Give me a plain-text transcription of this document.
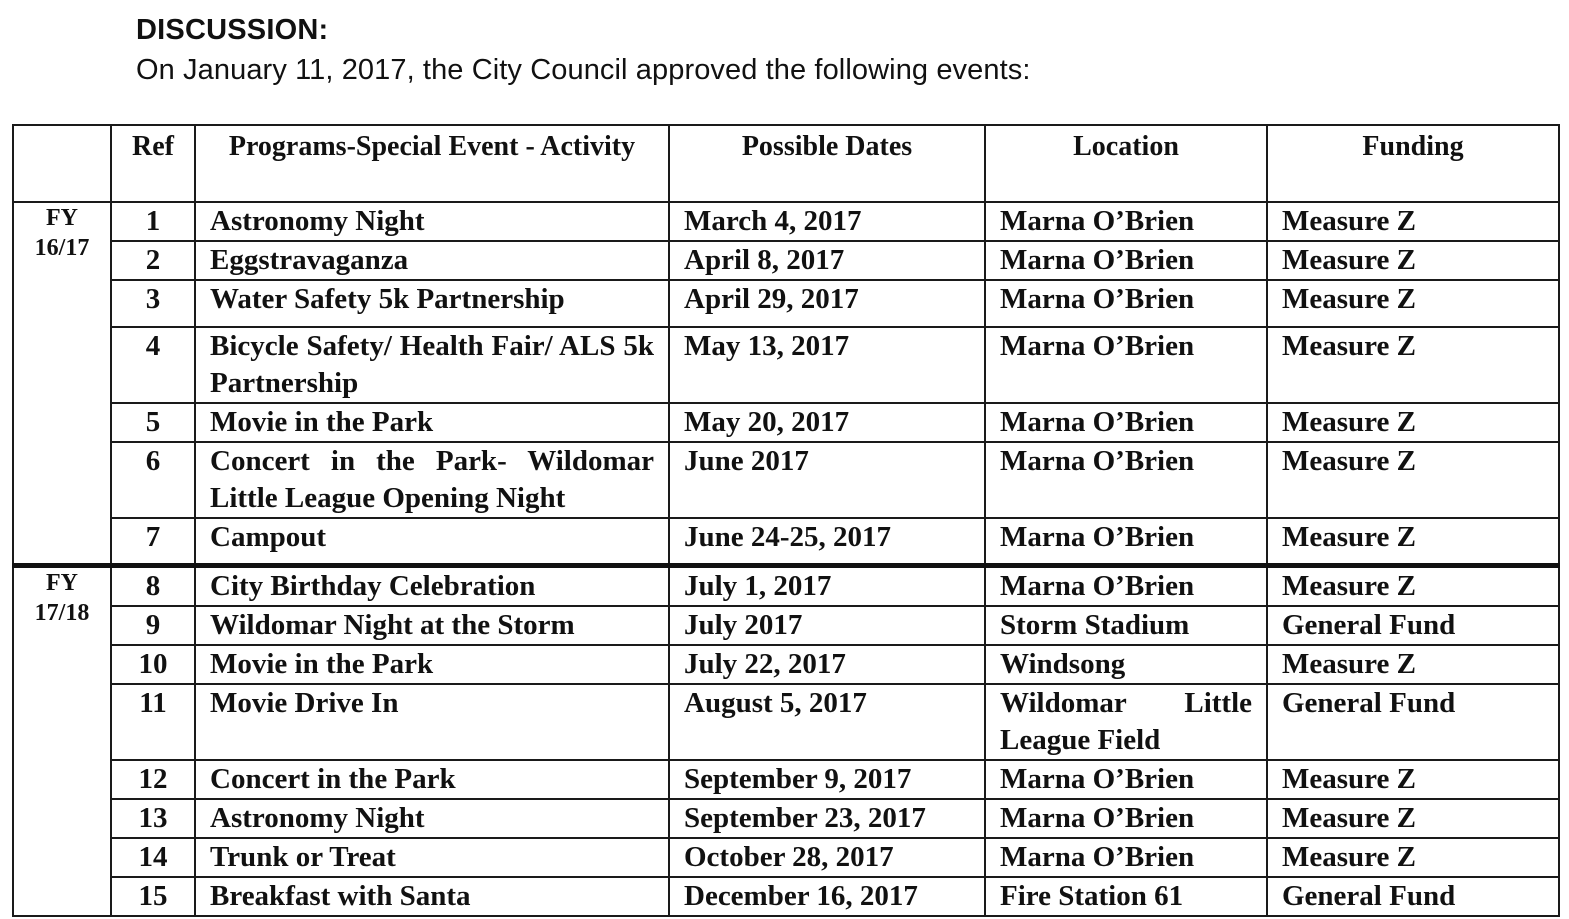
DISCUSSION:
On January 11, 2017, the City Council approved the following events:
	Ref	Programs-Special Event - Activity	Possible Dates	Location	Funding
FY 16/17	1	Astronomy Night	March 4, 2017	Marna O’Brien	Measure Z
	2	Eggstravaganza	April 8, 2017	Marna O’Brien	Measure Z
	3	Water Safety 5k Partnership	April 29, 2017	Marna O’Brien	Measure Z
	4	Bicycle Safety/ Health Fair/ ALS 5k Partnership	May 13, 2017	Marna O’Brien	Measure Z
	5	Movie in the Park	May 20, 2017	Marna O’Brien	Measure Z
	6	Concert in the Park- Wildomar Little League Opening Night	June 2017	Marna O’Brien	Measure Z
	7	Campout	June 24-25, 2017	Marna O’Brien	Measure Z
FY 17/18	8	City Birthday Celebration	July 1, 2017	Marna O’Brien	Measure Z
	9	Wildomar Night at the Storm	July 2017	Storm Stadium	General Fund
	10	Movie in the Park	July 22, 2017	Windsong	Measure Z
	11	Movie Drive In	August 5, 2017	Wildomar Little League Field	General Fund
	12	Concert in the Park	September 9, 2017	Marna O’Brien	Measure Z
	13	Astronomy Night	September 23, 2017	Marna O’Brien	Measure Z
	14	Trunk or Treat	October 28, 2017	Marna O’Brien	Measure Z
	15	Breakfast with Santa	December 16, 2017	Fire Station 61	General Fund
